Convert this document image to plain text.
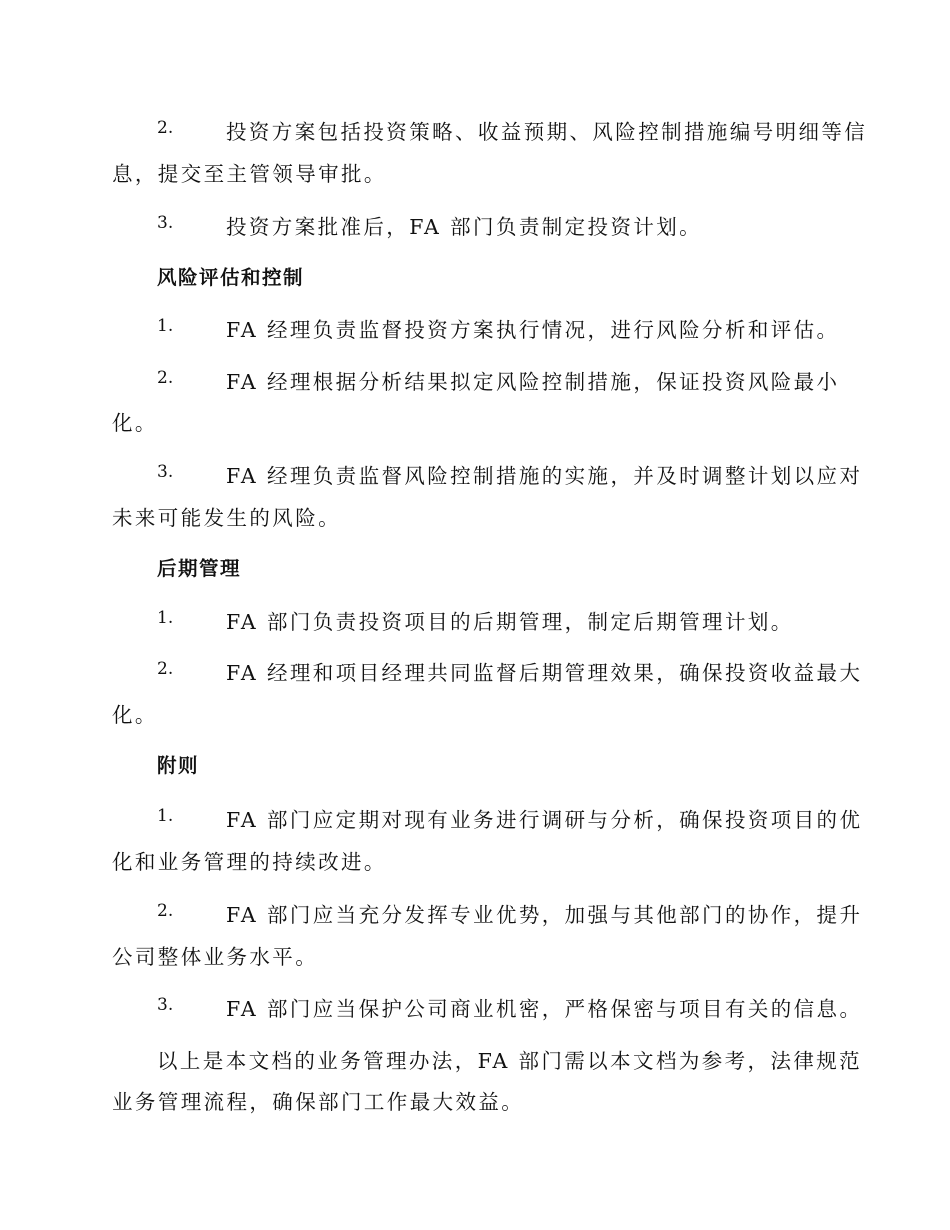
2.	投资方案包括投资策略、收益预期、风险控制措施编号明细等信
息，提交至主管领导审批。
3.	投资方案批准后，FA 部门负责制定投资计划。
风险评估和控制
1.	FA 经理负责监督投资方案执行情况，进行风险分析和评估。
2.	FA 经理根据分析结果拟定风险控制措施，保证投资风险最小
化。
3.	FA 经理负责监督风险控制措施的实施，并及时调整计划以应对
未来可能发生的风险。
后期管理
1.	FA 部门负责投资项目的后期管理，制定后期管理计划。
2.	FA 经理和项目经理共同监督后期管理效果，确保投资收益最大
化。
附则
1.	FA 部门应定期对现有业务进行调研与分析，确保投资项目的优
化和业务管理的持续改进。
2.	FA 部门应当充分发挥专业优势，加强与其他部门的协作，提升
公司整体业务水平。
3.	FA 部门应当保护公司商业机密，严格保密与项目有关的信息。
以上是本文档的业务管理办法，FA 部门需以本文档为参考，法律规范
业务管理流程，确保部门工作最大效益。
